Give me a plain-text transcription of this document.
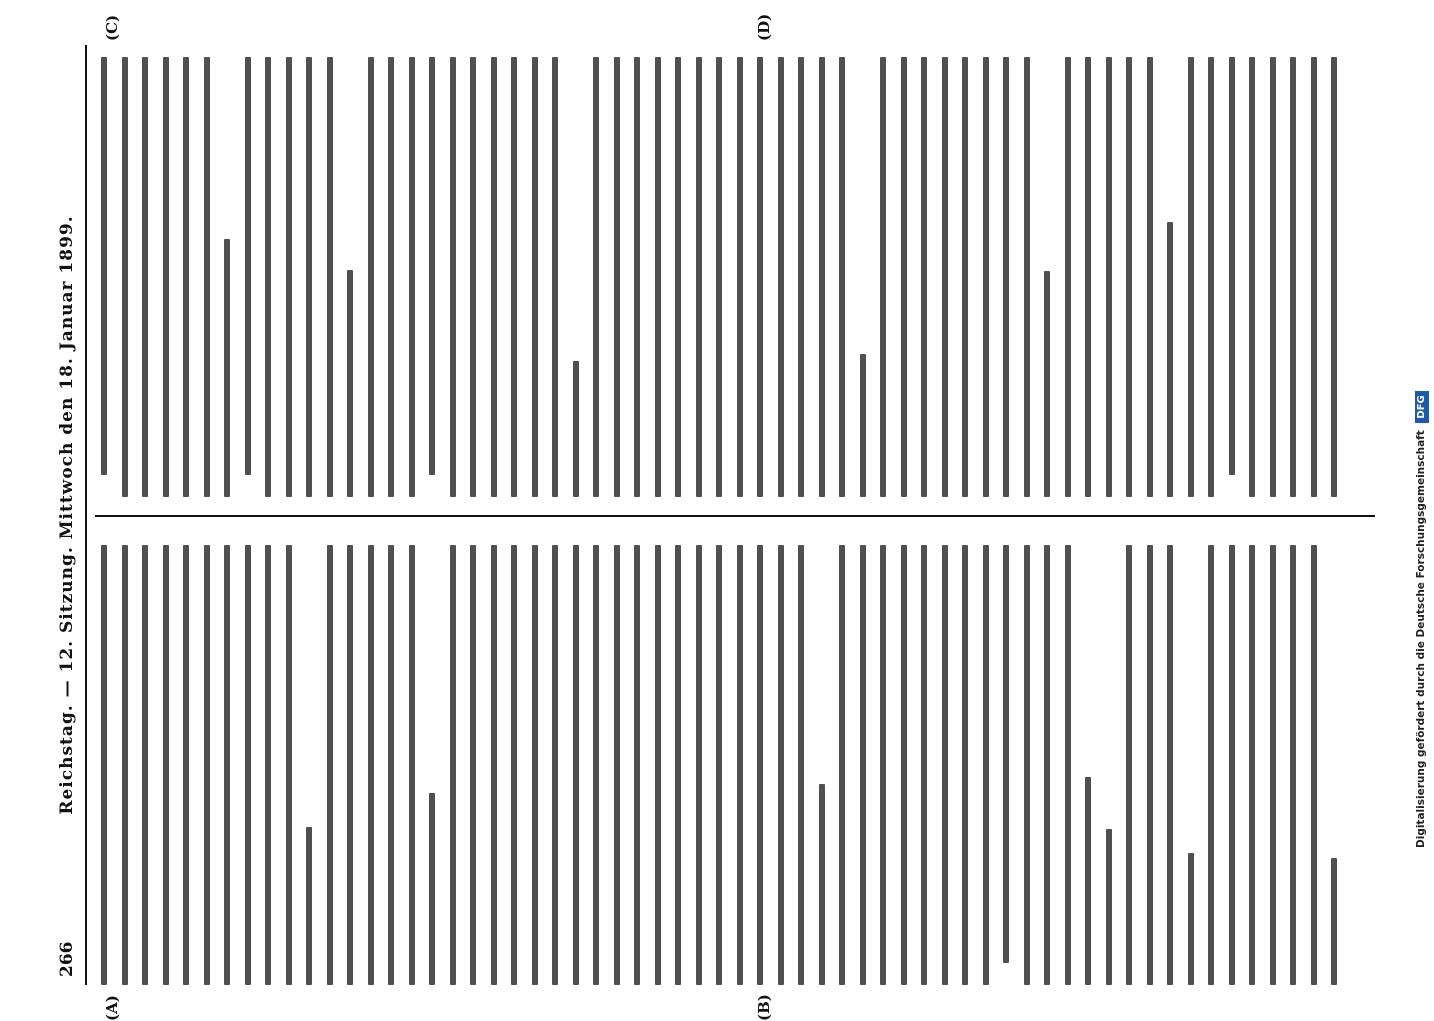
266
Reichstag. — 12. Sitzung. Mittwoch den 18. Januar 1899.
(A)	(B)
(C)	(D)
Digitalisierung gefördert durch die Deutsche Forschungsgemeinschaft DFG
